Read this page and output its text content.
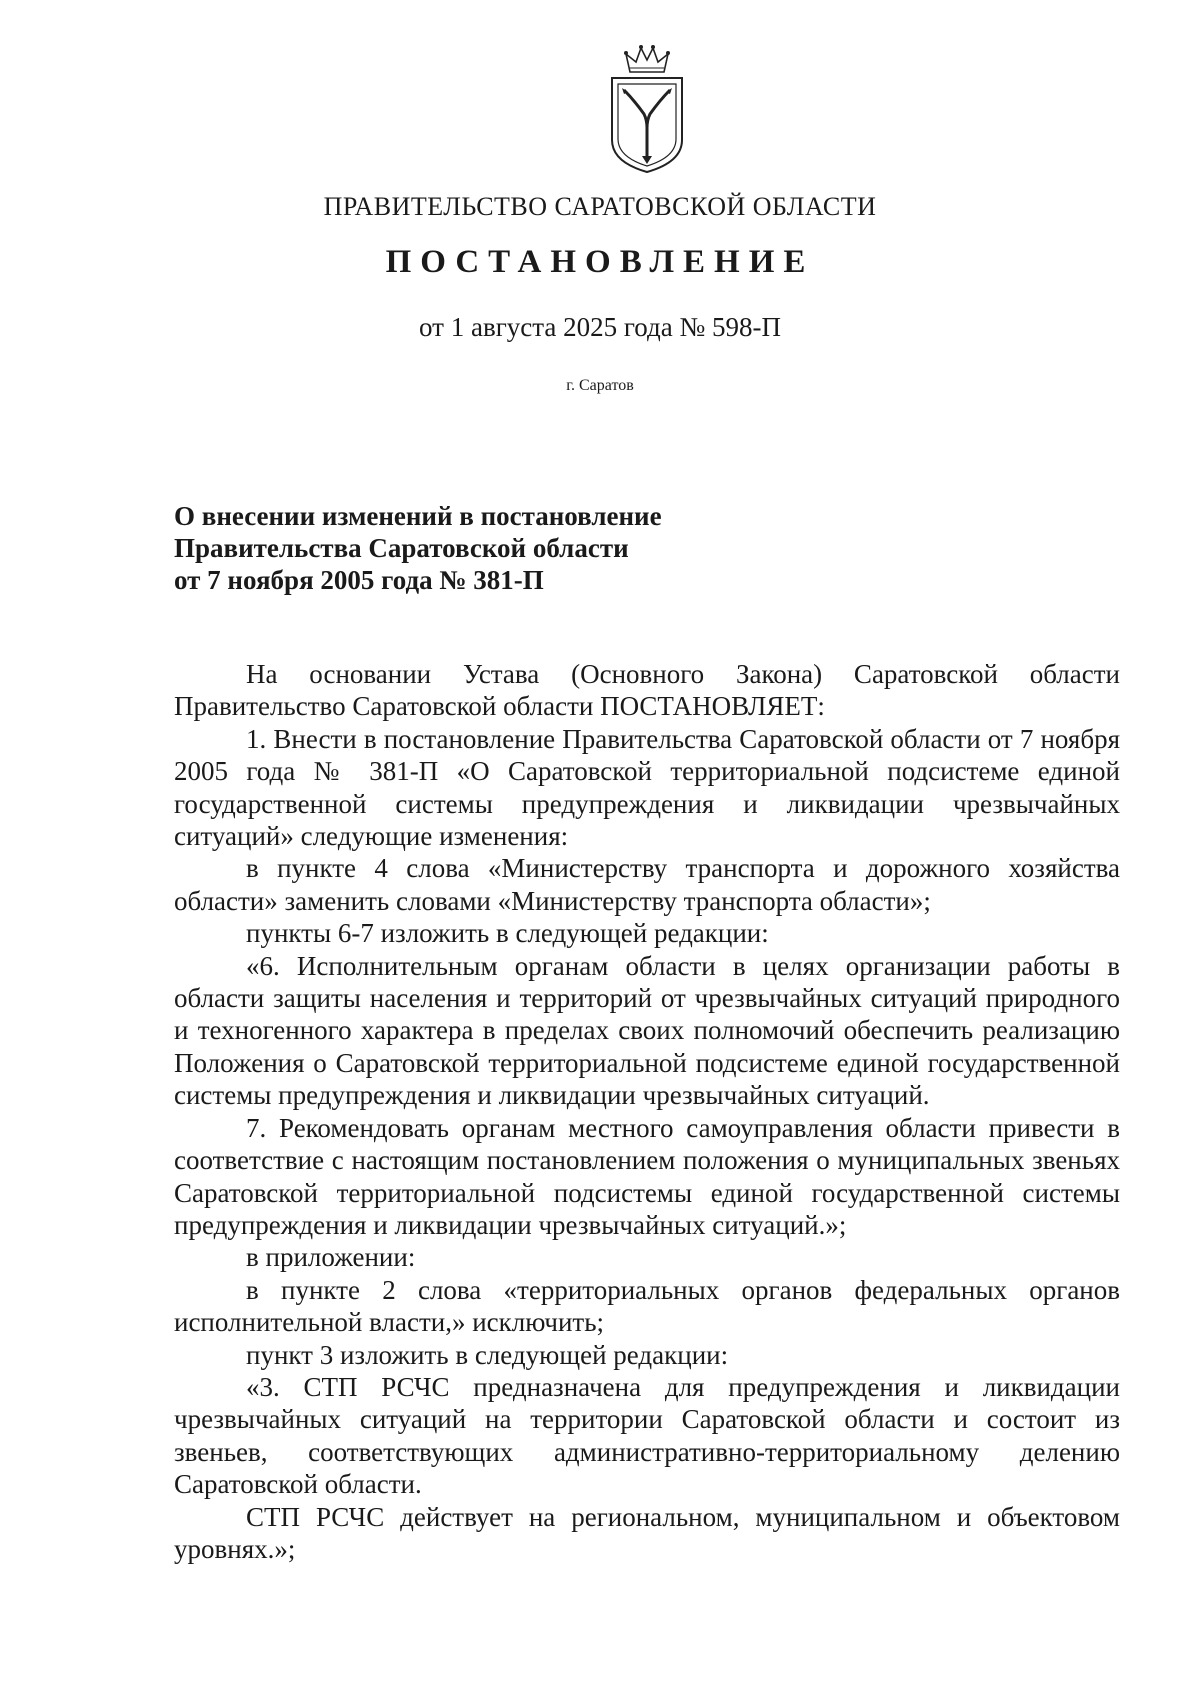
ПРАВИТЕЛЬСТВО САРАТОВСКОЙ ОБЛАСТИ
ПОСТАНОВЛЕНИЕ
от 1 августа 2025 года № 598-П
г. Саратов
О внесении изменений в постановление
Правительства Саратовской области
от 7 ноября 2005 года № 381-П

На основании Устава (Основного Закона) Саратовской области Правительство Саратовской области ПОСТАНОВЛЯЕТ:

1. Внести в постановление Правительства Саратовской области от 7 ноября 2005 года № 381-П «О Саратовской территориальной подсистеме единой государственной системы предупреждения и ликвидации чрезвычайных ситуаций» следующие изменения:

в пункте 4 слова «Министерству транспорта и дорожного хозяйства области» заменить словами «Министерству транспорта области»;

пункты 6-7 изложить в следующей редакции:

«6. Исполнительным органам области в целях организации работы в области защиты населения и территорий от чрезвычайных ситуаций природного и техногенного характера в пределах своих полномочий обеспечить реализацию Положения о Саратовской территориальной подсистеме единой государственной системы предупреждения и ликвидации чрезвычайных ситуаций.

7. Рекомендовать органам местного самоуправления области привести в соответствие с настоящим постановлением положения о муниципальных звеньях Саратовской территориальной подсистемы единой государственной системы предупреждения и ликвидации чрезвычайных ситуаций.»;

в приложении:

в пункте 2 слова «территориальных органов федеральных органов исполнительной власти,» исключить;

пункт 3 изложить в следующей редакции:

«3. СТП РСЧС предназначена для предупреждения и ликвидации чрезвычайных ситуаций на территории Саратовской области и состоит из звеньев, соответствующих административно-территориальному делению Саратовской области.

СТП РСЧС действует на региональном, муниципальном и объектовом уровнях.»;
